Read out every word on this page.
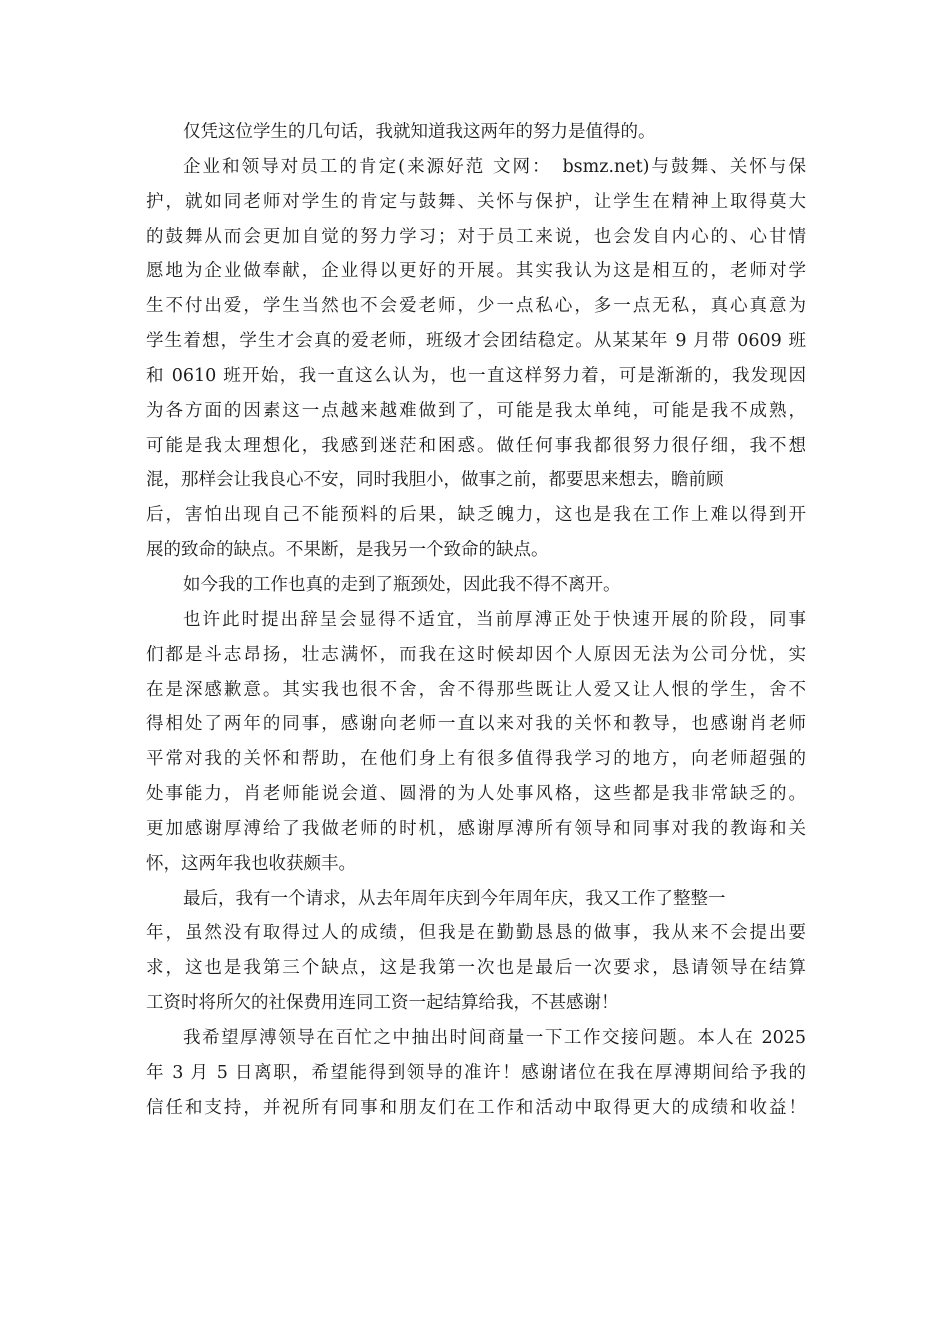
仅凭这位学生的几句话，我就知道我这两年的努力是值得的。
企业和领导对员工的肯定(来源好范 文网：　bsmz.net)与鼓舞、关怀与保
护，就如同老师对学生的肯定与鼓舞、关怀与保护，让学生在精神上取得莫大
的鼓舞从而会更加自觉的努力学习；对于员工来说，也会发自内心的、心甘情
愿地为企业做奉献，企业得以更好的开展。其实我认为这是相互的，老师对学
生不付出爱，学生当然也不会爱老师，少一点私心，多一点无私，真心真意为
学生着想，学生才会真的爱老师，班级才会团结稳定。从某某年 9 月带 0609 班
和 0610 班开始，我一直这么认为，也一直这样努力着，可是渐渐的，我发现因
为各方面的因素这一点越来越难做到了，可能是我太单纯，可能是我不成熟，
可能是我太理想化，我感到迷茫和困惑。做任何事我都很努力很仔细，我不想
混，那样会让我良心不安，同时我胆小，做事之前，都要思来想去，瞻前顾
后，害怕出现自己不能预料的后果，缺乏魄力，这也是我在工作上难以得到开
展的致命的缺点。不果断，是我另一个致命的缺点。
如今我的工作也真的走到了瓶颈处，因此我不得不离开。
也许此时提出辞呈会显得不适宜，当前厚溥正处于快速开展的阶段，同事
们都是斗志昂扬，壮志满怀，而我在这时候却因个人原因无法为公司分忧，实
在是深感歉意。其实我也很不舍，舍不得那些既让人爱又让人恨的学生，舍不
得相处了两年的同事，感谢向老师一直以来对我的关怀和教导，也感谢肖老师
平常对我的关怀和帮助，在他们身上有很多值得我学习的地方，向老师超强的
处事能力，肖老师能说会道、圆滑的为人处事风格，这些都是我非常缺乏的。
更加感谢厚溥给了我做老师的时机，感谢厚溥所有领导和同事对我的教诲和关
怀，这两年我也收获颇丰。
最后，我有一个请求，从去年周年庆到今年周年庆，我又工作了整整一
年，虽然没有取得过人的成绩，但我是在勤勤恳恳的做事，我从来不会提出要
求，这也是我第三个缺点，这是我第一次也是最后一次要求，恳请领导在结算
工资时将所欠的社保费用连同工资一起结算给我，不甚感谢！
我希望厚溥领导在百忙之中抽出时间商量一下工作交接问题。本人在 2025
年 3 月 5 日离职，希望能得到领导的准许！感谢诸位在我在厚溥期间给予我的
信任和支持，并祝所有同事和朋友们在工作和活动中取得更大的成绩和收益！
